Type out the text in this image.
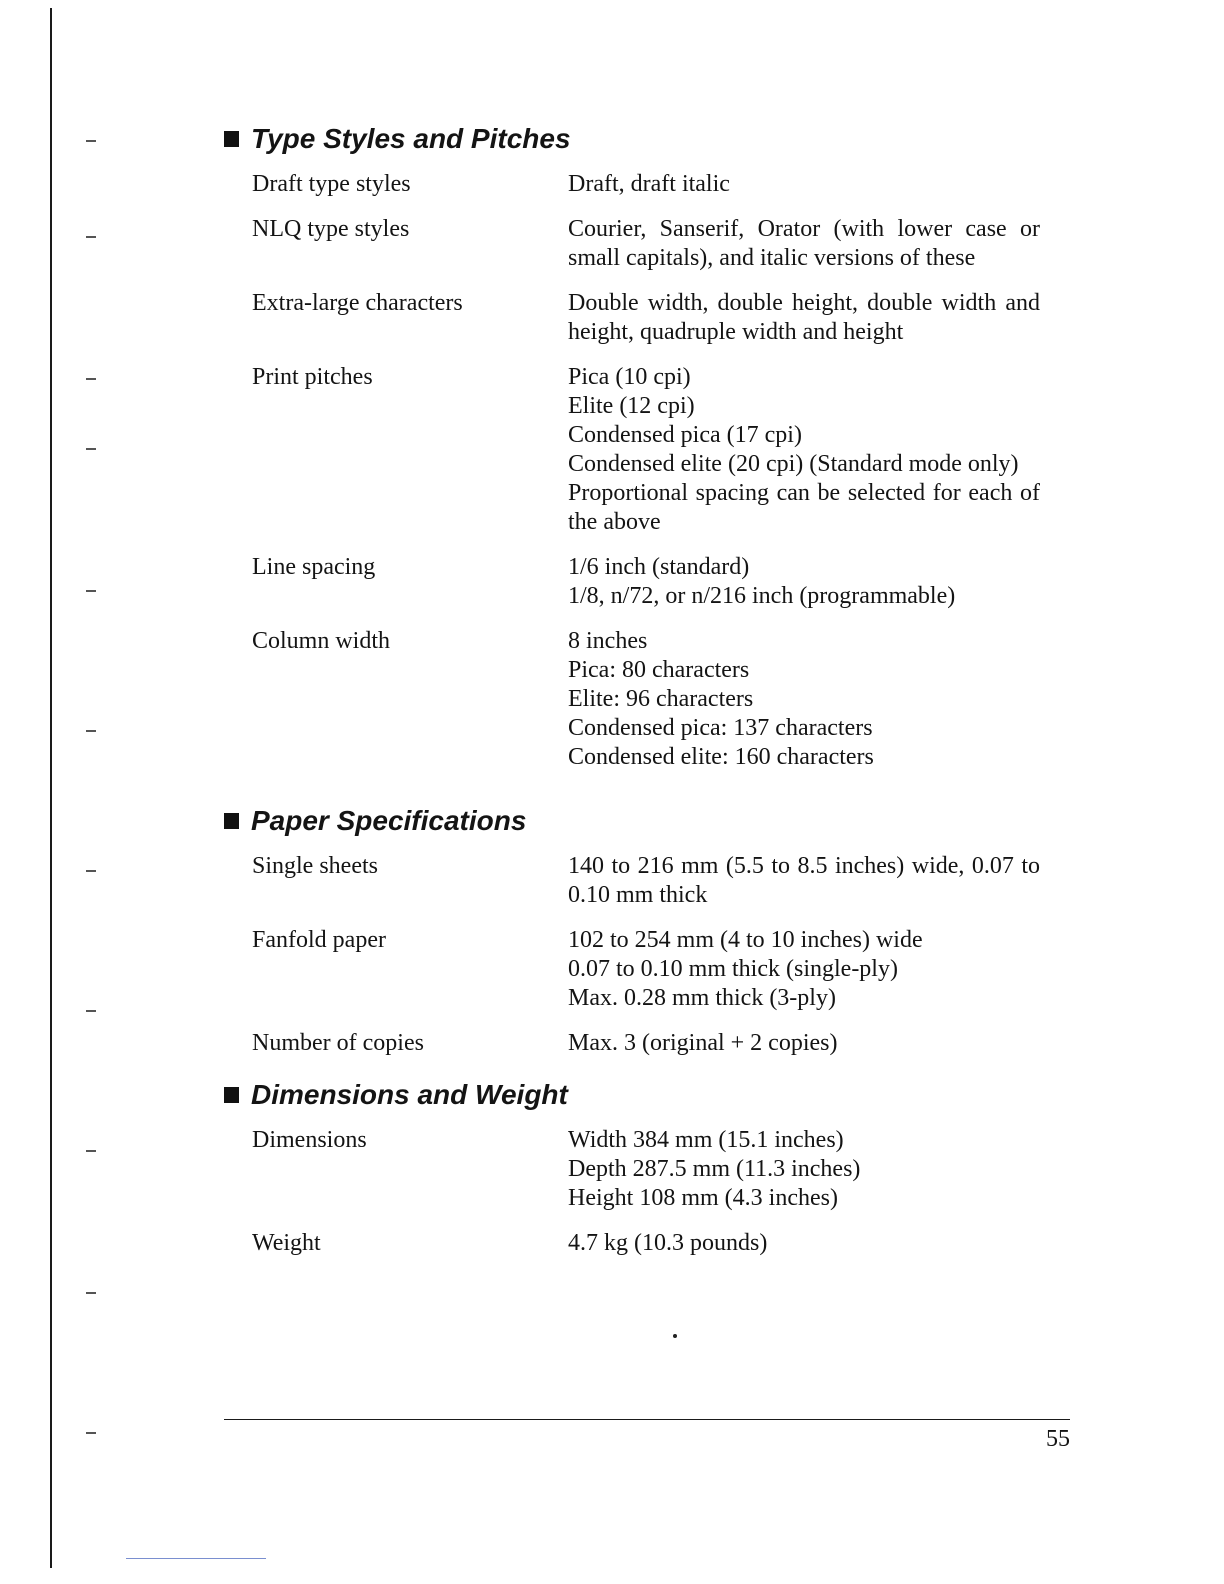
Type Styles and Pitches
Draft type styles	Draft, draft italic
NLQ type styles	Courier, Sanserif, Orator (with lower case or small capitals), and italic versions of these
Extra-large characters	Double width, double height, double width and height, quadruple width and height
Print pitches	Pica (10 cpi)
Elite (12 cpi)
Condensed pica (17 cpi)
Condensed elite (20 cpi) (Standard mode only)
Proportional spacing can be selected for each of the above
Line spacing	1/6 inch (standard)
1/8, n/72, or n/216 inch (programmable)
Column width	8 inches
Pica: 80 characters
Elite: 96 characters
Condensed pica: 137 characters
Condensed elite: 160 characters
Paper Specifications
Single sheets	140 to 216 mm (5.5 to 8.5 inches) wide, 0.07 to 0.10 mm thick
Fanfold paper	102 to 254 mm (4 to 10 inches) wide
0.07 to 0.10 mm thick (single-ply)
Max. 0.28 mm thick (3-ply)
Number of copies	Max. 3 (original + 2 copies)
Dimensions and Weight
Dimensions	Width 384 mm (15.1 inches)
Depth 287.5 mm (11.3 inches)
Height 108 mm (4.3 inches)
Weight	4.7 kg (10.3 pounds)
55
